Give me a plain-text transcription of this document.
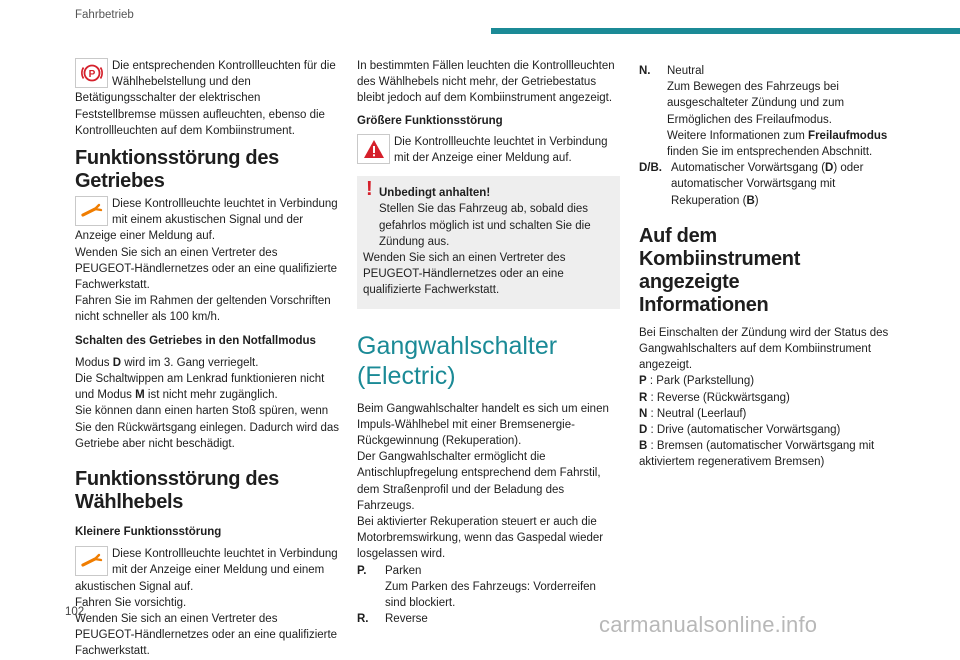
Fahrbetrieb
P

Die entsprechenden Kontrollleuchten für die Wählhebelstellung und den Betätigungsschalter der elektrischen Feststellbremse müssen aufleuchten, ebenso die Kontrollleuchten auf dem Kombiinstrument.

Funktionsstörung des Getriebes

Diese Kontrollleuchte leuchtet in Verbindung mit einem akustischen Signal und der Anzeige einer Meldung auf.

Wenden Sie sich an einen Vertreter des PEUGEOT-Händlernetzes oder an eine qualifizierte Fachwerkstatt.

Fahren Sie im Rahmen der geltenden Vorschriften nicht schneller als 100 km/h.

Schalten des Getriebes in den Notfallmodus

Modus D wird im 3. Gang verriegelt.

Die Schaltwippen am Lenkrad funktionieren nicht und Modus M ist nicht mehr zugänglich.

Sie können dann einen harten Stoß spüren, wenn Sie den Rückwärtsgang einlegen. Dadurch wird das Getriebe aber nicht beschädigt.

Funktionsstörung des Wählhebels

Kleinere Funktionsstörung

Diese Kontrollleuchte leuchtet in Verbindung mit der Anzeige einer Meldung und einem akustischen Signal auf.

Fahren Sie vorsichtig.

Wenden Sie sich an einen Vertreter des PEUGEOT-Händlernetzes oder an eine qualifizierte Fachwerkstatt.

In bestimmten Fällen leuchten die Kontrollleuchten des Wählhebels nicht mehr, der Getriebestatus bleibt jedoch auf dem Kombiinstrument angezeigt.

Größere Funktionsstörung

Die Kontrollleuchte leuchtet in Verbindung mit der Anzeige einer Meldung auf.

! Unbedingt anhalten!

Stellen Sie das Fahrzeug ab, sobald dies gefahrlos möglich ist und schalten Sie die Zündung aus.

Wenden Sie sich an einen Vertreter des PEUGEOT-Händlernetzes oder an eine qualifizierte Fachwerkstatt.

Gangwahlschalter (Electric)

Beim Gangwahlschalter handelt es sich um einen Impuls-Wählhebel mit einer Bremsenergie-Rückgewinnung (Rekuperation).

Der Gangwahlschalter ermöglicht die Antischlupfregelung entsprechend dem Fahrstil, dem Straßenprofil und der Beladung des Fahrzeugs.

Bei aktivierter Rekuperation steuert er auch die Motorbremswirkung, wenn das Gaspedal wieder losgelassen wird.

P.	Parken

Zum Parken des Fahrzeugs: Vorderreifen sind blockiert.

R.	Reverse

N.	Neutral

Zum Bewegen des Fahrzeugs bei ausgeschalteter Zündung und zum Ermöglichen des Freilaufmodus.

Weitere Informationen zum Freilaufmodus finden Sie im entsprechenden Abschnitt.

D/B. Automatischer Vorwärtsgang (D) oder automatischer Vorwärtsgang mit Rekuperation (B)

Auf dem Kombiinstrument angezeigte Informationen

Bei Einschalten der Zündung wird der Status des Gangwahlschalters auf dem Kombiinstrument angezeigt.

P : Park (Parkstellung)

R : Reverse (Rückwärtsgang)

N : Neutral (Leerlauf)

D : Drive (automatischer Vorwärtsgang)

B : Bremsen (automatischer Vorwärtsgang mit aktiviertem regenerativem Bremsen)

102	carmanualsonline.info
